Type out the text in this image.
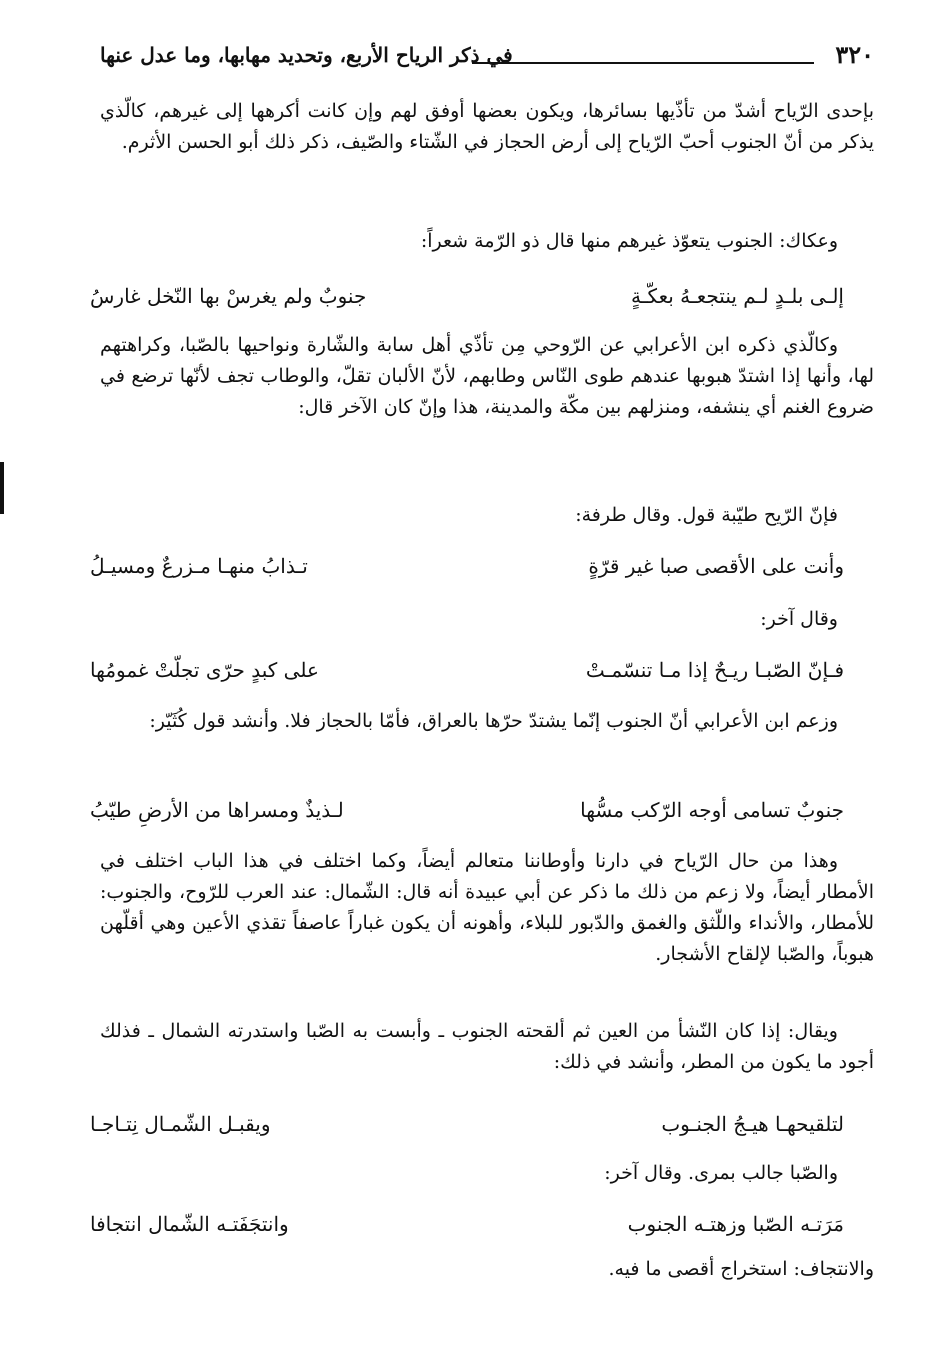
٣٢٠
في ذكر الرياح الأربع، وتحديد مهابها، وما عدل عنها

بإحدى الرّياح أشدّ من تأذّيها بسائرها، ويكون بعضها أوفق لهم وإن كانت أكرهها إلى غيرهم، كالّذي يذكر من أنّ الجنوب أحبّ الرّياح إلى أرض الحجاز في الشّتاء والصّيف، ذكر ذلك أبو الحسن الأثرم.

وعكاك: الجنوب يتعوّذ غيرهم منها قال ذو الرّمة شعراً:

إلـى بلـدٍ لـم ينتجعـهُ بعكّـةٍ
جنوبٌ ولم يغرسْ بها النّخل غارسُ

وكالّذي ذكره ابن الأعرابي عن الرّوحي مِن تأذّي أهل سابة والشّارة ونواحيها بالصّبا، وكراهتهم لها، وأنها إذا اشتدّ هبوبها عندهم طوى النّاس وطابهم، لأنّ الألبان تقلّ، والوطاب تجف لأنّها ترضع في ضروع الغنم أي ينشفه، ومنزلهم بين مكّة والمدينة، هذا وإنّ كان الآخر قال:

فإنّ الرّيح طيّبة قول. وقال طرفة:

وأنت على الأقصى صبا غير قرّةٍ
تـذابُ منهـا مـزرعٌ ومسيـلُ

وقال آخر:

فـإنّ الصّبـا ريـحٌ إذا مـا تنسّمـتْ
على كبدٍ حرّى تجلّتْ غمومُها

وزعم ابن الأعرابي أنّ الجنوب إنّما يشتدّ حرّها بالعراق، فأمّا بالحجاز فلا. وأنشد قول كُثَيّر:

جنوبٌ تسامى أوجه الرّكب مسُّها
لـذيذٌ ومسراها من الأرضِ طيّبُ

وهذا من حال الرّياح في دارنا وأوطاننا متعالم أيضاً، وكما اختلف في هذا الباب اختلف في الأمطار أيضاً، ولا زعم من ذلك ما ذكر عن أبي عبيدة أنه قال: الشّمال: عند العرب للرّوح، والجنوب: للأمطار، والأنداء واللّثق والغمق والدّبور للبلاء، وأهونه أن يكون غباراً عاصفاً تقذي الأعين وهي أقلّهن هبوباً، والصّبا لإلقاح الأشجار.

ويقال: إذا كان النّشأ من العين ثم ألقحته الجنوب ـ وأبست به الصّبا واستدرته الشمال ـ فذلك أجود ما يكون من المطر، وأنشد في ذلك:

لتلقيحهـا هيـجُ الجنـوب
ويقبـل الشّمـال نِتـاجـا

والصّبا جالب بمرى. وقال آخر:

مَرَتـه الصّبا وزهتـه الجنوب
وانتجَفَتـه الشّمال انتجافا

والانتجاف: استخراج أقصى ما فيه.
